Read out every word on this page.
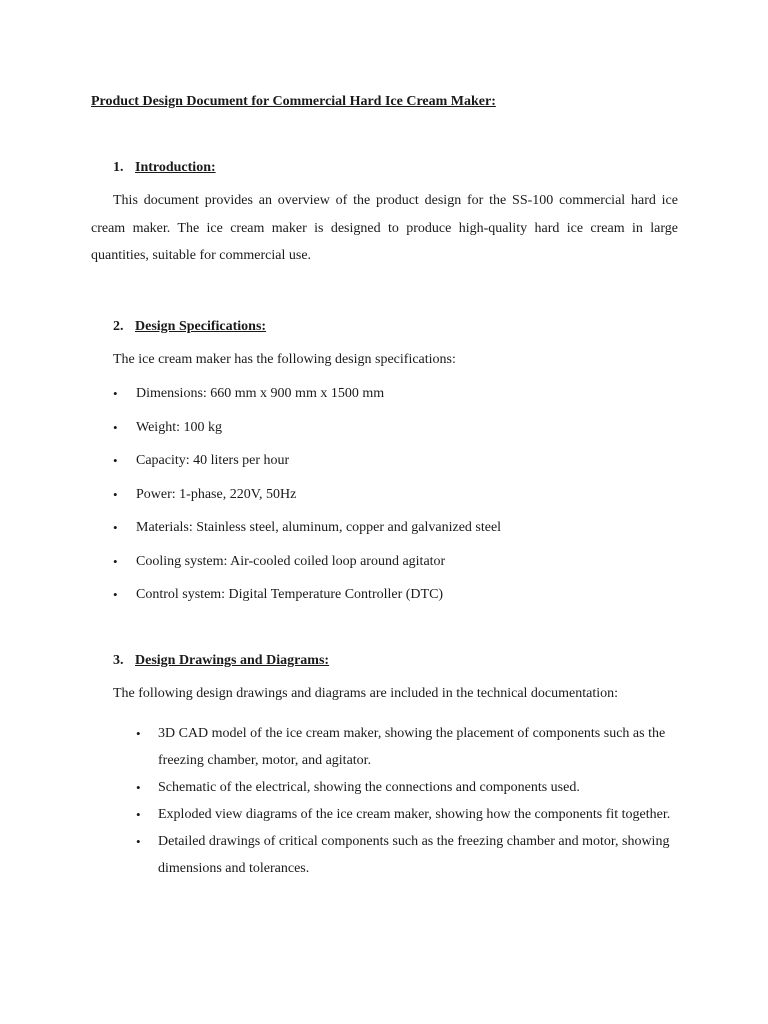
Product Design Document for Commercial Hard Ice Cream Maker:

1. Introduction:

This document provides an overview of the product design for the SS-100 commercial hard ice cream maker. The ice cream maker is designed to produce high-quality hard ice cream in large quantities, suitable for commercial use.

2. Design Specifications:

The ice cream maker has the following design specifications:

• Dimensions: 660 mm x 900 mm x 1500 mm
• Weight: 100 kg
• Capacity: 40 liters per hour
• Power: 1-phase, 220V, 50Hz
• Materials: Stainless steel, aluminum, copper and galvanized steel
• Cooling system: Air-cooled coiled loop around agitator
• Control system: Digital Temperature Controller (DTC)

3. Design Drawings and Diagrams:

The following design drawings and diagrams are included in the technical documentation:

• 3D CAD model of the ice cream maker, showing the placement of components such as the freezing chamber, motor, and agitator.
• Schematic of the electrical, showing the connections and components used.
• Exploded view diagrams of the ice cream maker, showing how the components fit together.
• Detailed drawings of critical components such as the freezing chamber and motor, showing dimensions and tolerances.
